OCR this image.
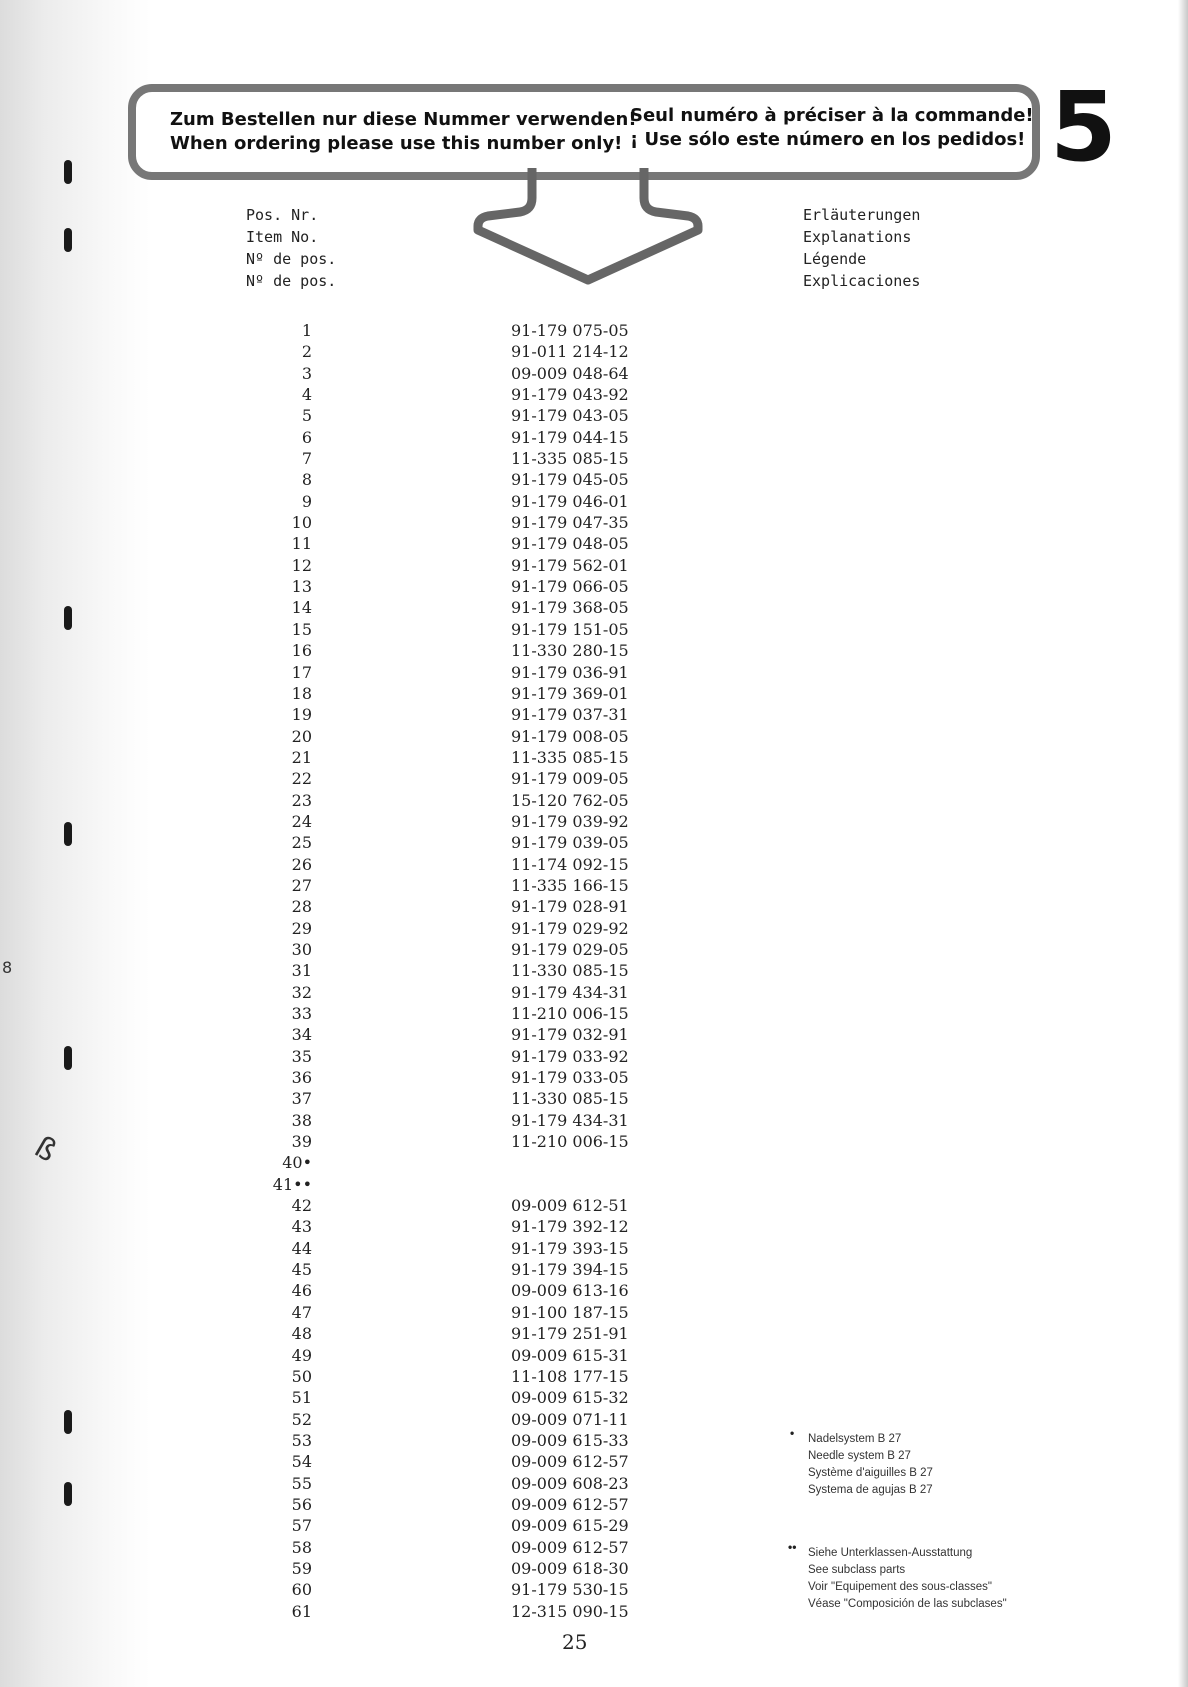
8
ß
Zum Bestellen nur diese Nummer verwenden!
When ordering please use this number only!
Seul numéro à préciser à la commande!
¡ Use sólo este número en los pedidos! 5
Pos. Nr.
Item No.
Nº de pos.
Nº de pos.
Erläuterungen
Explanations
Légende
Explicaciones
1	91-179 075-05
2	91-011 214-12
3	09-009 048-64
4	91-179 043-92
5	91-179 043-05
6	91-179 044-15
7	11-335 085-15
8	91-179 045-05
9	91-179 046-01
10	91-179 047-35
11	91-179 048-05
12	91-179 562-01
13	91-179 066-05
14	91-179 368-05
15	91-179 151-05
16	11-330 280-15
17	91-179 036-91
18	91-179 369-01
19	91-179 037-31
20	91-179 008-05
21	11-335 085-15
22	91-179 009-05
23	15-120 762-05
24	91-179 039-92
25	91-179 039-05
26	11-174 092-15
27	11-335 166-15
28	91-179 028-91
29	91-179 029-92
30	91-179 029-05
31	11-330 085-15
32	91-179 434-31
33	11-210 006-15
34	91-179 032-91
35	91-179 033-92
36	91-179 033-05
37	11-330 085-15
38	91-179 434-31
39	11-210 006-15
40•
41••
42	09-009 612-51
43	91-179 392-12
44	91-179 393-15
45	91-179 394-15
46	09-009 613-16
47	91-100 187-15
48	91-179 251-91
49	09-009 615-31
50	11-108 177-15
51	09-009 615-32
52	09-009 071-11
53	09-009 615-33
54	09-009 612-57
55	09-009 608-23
56	09-009 612-57
57	09-009 615-29
58	09-009 612-57
59	09-009 618-30
60	91-179 530-15
61	12-315 090-15
• Nadelsystem B 27
Needle system B 27
Système d'aiguilles B 27
Systema de agujas B 27
•• Siehe Unterklassen-Ausstattung
See subclass parts
Voir "Equipement des sous-classes"
Véase "Composición de las subclases"
25
